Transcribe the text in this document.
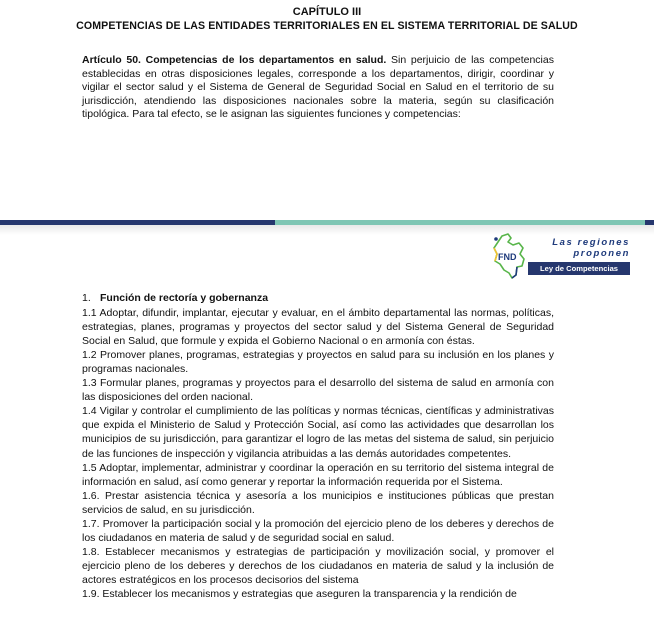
CAPÍTULO III
COMPETENCIAS DE LAS ENTIDADES TERRITORIALES EN EL SISTEMA TERRITORIAL DE SALUD
Artículo 50. Competencias de los departamentos en salud. Sin perjuicio de las competencias establecidas en otras disposiciones legales, corresponde a los departamentos, dirigir, coordinar y vigilar el sector salud y el Sistema de General de Seguridad Social en Salud en el territorio de su jurisdicción, atendiendo las disposiciones nacionales sobre la materia, según su clasificación tipológica. Para tal efecto, se le asignan las siguientes funciones y competencias:
FND
Las regiones
proponen
Ley de Competencias
1. Función de rectoría y gobernanza

1.1 Adoptar, difundir, implantar, ejecutar y evaluar, en el ámbito departamental las normas, políticas, estrategias, planes, programas y proyectos del sector salud y del Sistema General de Seguridad Social en Salud, que formule y expida el Gobierno Nacional o en armonía con éstas.

1.2 Promover planes, programas, estrategias y proyectos en salud para su inclusión en los planes y programas nacionales.

1.3 Formular planes, programas y proyectos para el desarrollo del sistema de salud en armonía con las disposiciones del orden nacional.

1.4 Vigilar y controlar el cumplimiento de las políticas y normas técnicas, científicas y administrativas que expida el Ministerio de Salud y Protección Social, así como las actividades que desarrollan los municipios de su jurisdicción, para garantizar el logro de las metas del sistema de salud, sin perjuicio de las funciones de inspección y vigilancia atribuidas a las demás autoridades competentes.

1.5 Adoptar, implementar, administrar y coordinar la operación en su territorio del sistema integral de información en salud, así como generar y reportar la información requerida por el Sistema.

1.6. Prestar asistencia técnica y asesoría a los municipios e instituciones públicas que prestan servicios de salud, en su jurisdicción.

1.7. Promover la participación social y la promoción del ejercicio pleno de los deberes y derechos de los ciudadanos en materia de salud y de seguridad social en salud.

1.8. Establecer mecanismos y estrategias de participación y movilización social, y promover el ejercicio pleno de los deberes y derechos de los ciudadanos en materia de salud y la inclusión de actores estratégicos en los procesos decisorios del sistema

1.9. Establecer los mecanismos y estrategias que aseguren la transparencia y la rendición de
